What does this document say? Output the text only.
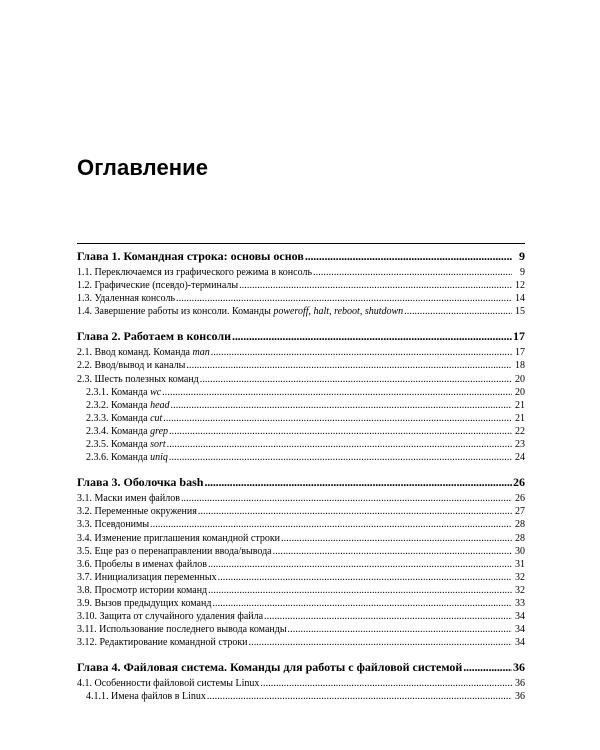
Оглавление
Глава 1. Командная строка: основы основ . . .	9
1.1. Переключаемся из графического режима в консоль . . .	9
1.2. Графические (псевдо)-терминалы . . .	12
1.3. Удаленная консоль . . .	14
1.4. Завершение работы из консоли. Команды poweroff, halt, reboot, shutdown . . .	15
Глава 2. Работаем в консоли . . .	17
2.1. Ввод команд. Команда man . . .	17
2.2. Ввод/вывод и каналы . . .	18
2.3. Шесть полезных команд . . .	20
2.3.1. Команда wc . . .	20
2.3.2. Команда head . . .	21
2.3.3. Команда cut . . .	21
2.3.4. Команда grep . . .	22
2.3.5. Команда sort . . .	23
2.3.6. Команда uniq . . .	24
Глава 3. Оболочка bash . . .	26
3.1. Маски имен файлов . . .	26
3.2. Переменные окружения . . .	27
3.3. Псевдонимы . . .	28
3.4. Изменение приглашения командной строки . . .	28
3.5. Еще раз о перенаправлении ввода/вывода . . .	30
3.6. Пробелы в именах файлов . . .	31
3.7. Инициализация переменных . . .	32
3.8. Просмотр истории команд . . .	32
3.9. Вызов предыдущих команд . . .	33
3.10. Защита от случайного удаления файла . . .	34
3.11. Использование последнего вывода команды . . .	34
3.12. Редактирование командной строки . . .	34
Глава 4. Файловая система. Команды для работы с файловой системой . . .	36
4.1. Особенности файловой системы Linux . . .	36
4.1.1. Имена файлов в Linux . . .	36
